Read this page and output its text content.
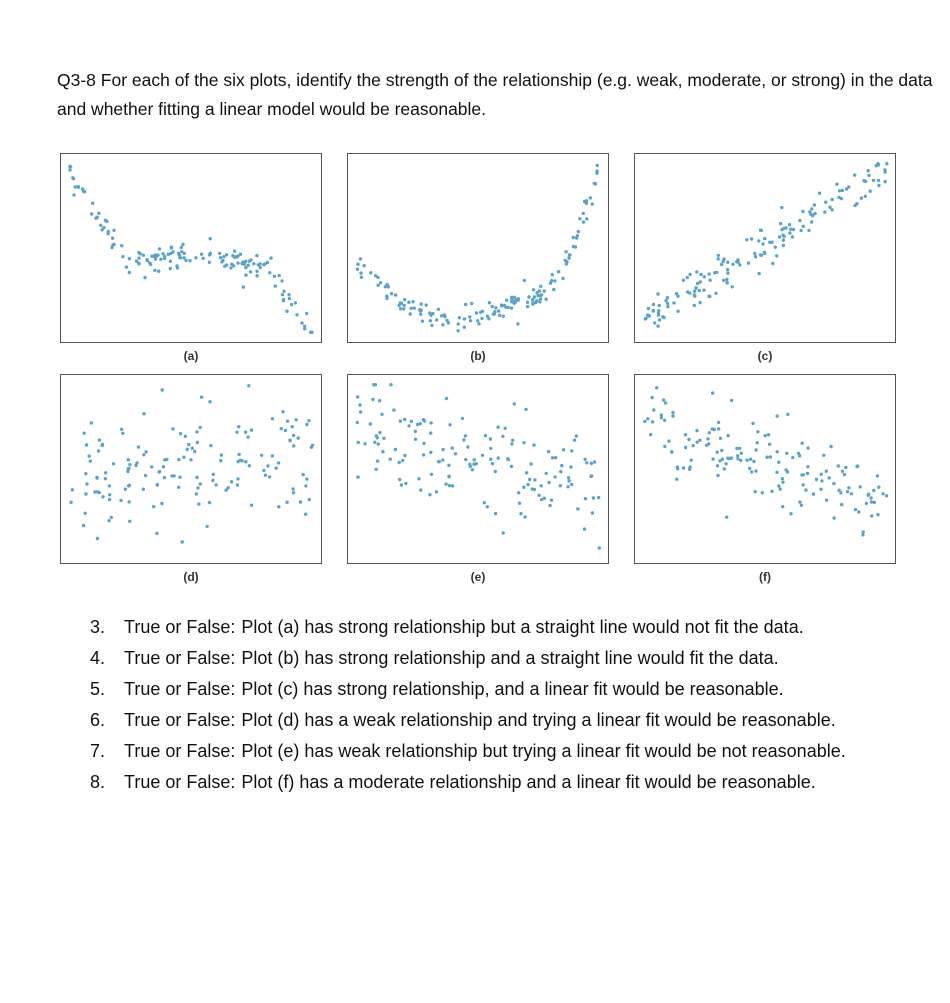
Q3-8 For each of the six plots, identify the strength of the relationship (e.g. weak, moderate, or strong) in the data and whether fitting a linear model would be reasonable.

(a)	(b)	(c)
(d)	(e)	(f)
3.	True or False: Plot (a) has strong relationship but a straight line would not fit the data.
4.	True or False: Plot (b) has strong relationship and a straight line would fit the data.
5.	True or False: Plot (c) has strong relationship, and a linear fit would be reasonable.
6.	True or False: Plot (d) has a weak relationship and trying a linear fit would be reasonable.
7.	True or False: Plot (e) has weak relationship but trying a linear fit would be not reasonable.
8.	True or False: Plot (f) has a moderate relationship and a linear fit would be reasonable.
